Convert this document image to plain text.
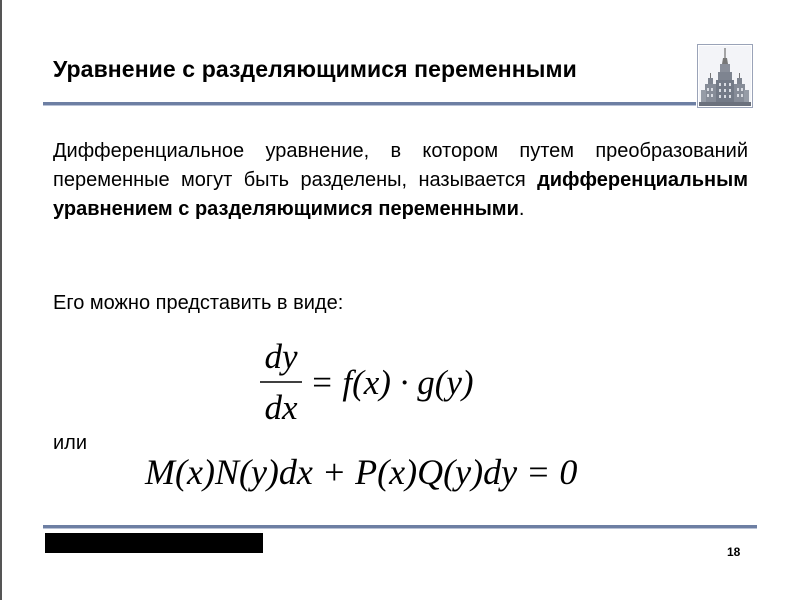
Уравнение с разделяющимися переменными
Дифференциальное уравнение, в котором путем преобразований переменные могут быть разделены, называется дифференциальным уравнением с разделяющимися переменными.
Его можно представить в виде:
dy
dx
= f(x) · g(y)
или
M(x)N(y)dx + P(x)Q(y)dy = 0
18
